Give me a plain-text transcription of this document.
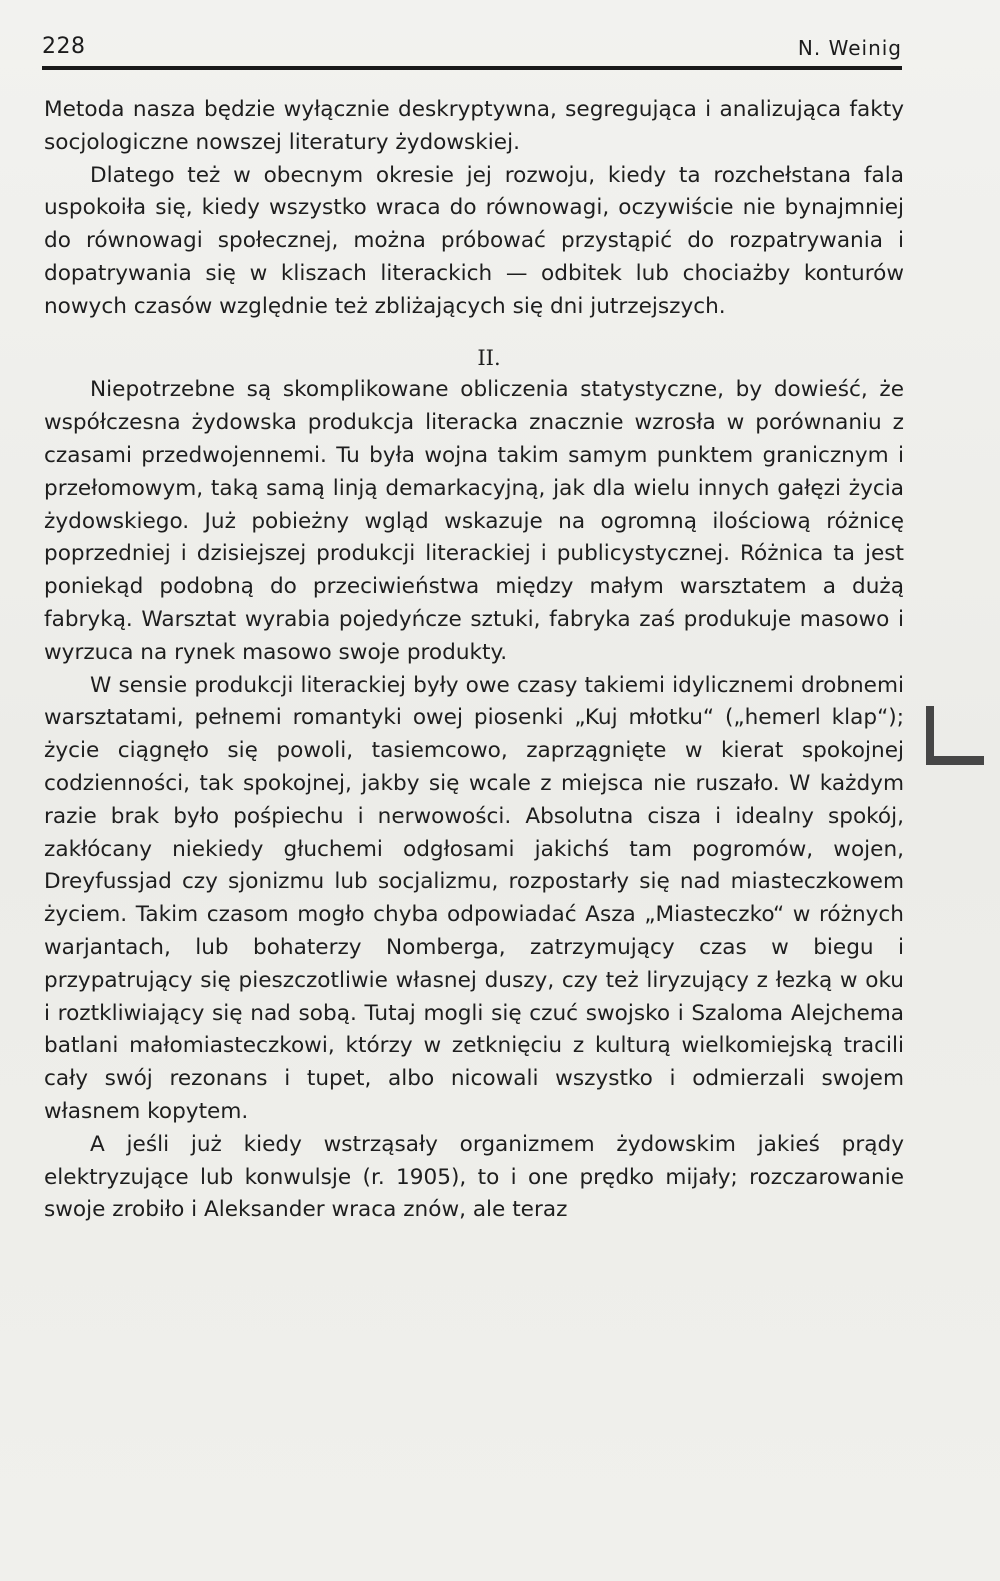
228	N. Weinig

Metoda nasza będzie wyłącznie deskryptywna, segregująca i analizująca fakty socjologiczne nowszej literatury żydowskiej.

Dlatego też w obecnym okresie jej rozwoju, kiedy ta rozchełstana fala uspokoiła się, kiedy wszystko wraca do równowagi, oczywiście nie bynajmniej do równowagi społecznej, można próbować przystąpić do rozpatrywania i dopatrywania się w kliszach literackich — odbitek lub chociażby konturów nowych czasów względnie też zbliżających się dni jutrzejszych.

II.

Niepotrzebne są skomplikowane obliczenia statystyczne, by dowieść, że współczesna żydowska produkcja literacka znacznie wzrosła w porównaniu z czasami przedwojennemi. Tu była wojna takim samym punktem granicznym i przełomowym, taką samą linją demarkacyjną, jak dla wielu innych gałęzi życia żydowskiego. Już pobieżny wgląd wskazuje na ogromną ilościową różnicę poprzedniej i dzisiejszej produkcji literackiej i publicystycznej. Różnica ta jest poniekąd podobną do przeciwieństwa między małym warsztatem a dużą fabryką. Warsztat wyrabia pojedyńcze sztuki, fabryka zaś produkuje masowo i wyrzuca na rynek masowo swoje produkty.

W sensie produkcji literackiej były owe czasy takiemi idylicznemi drobnemi warsztatami, pełnemi romantyki owej piosenki „Kuj młotku“ („hemerl klap“); życie ciągnęło się powoli, tasiemcowo, zaprzągnięte w kierat spokojnej codzienności, tak spokojnej, jakby się wcale z miejsca nie ruszało. W każdym razie brak było pośpiechu i nerwowości. Absolutna cisza i idealny spokój, zakłócany niekiedy głuchemi odgłosami jakichś tam pogromów, wojen, Dreyfussjad czy sjonizmu lub socjalizmu, rozpostarły się nad miasteczkowem życiem. Takim czasom mogło chyba odpowiadać Asza „Miasteczko“ w różnych warjantach, lub bohaterzy Nomberga, zatrzymujący czas w biegu i przypatrujący się pieszczotliwie własnej duszy, czy też liryzujący z łezką w oku i roztkliwiający się nad sobą. Tutaj mogli się czuć swojsko i Szaloma Alejchema batlani małomiasteczkowi, którzy w zetknięciu z kulturą wielkomiejską tracili cały swój rezonans i tupet, albo nicowali wszystko i odmierzali swojem własnem kopytem.

A jeśli już kiedy wstrząsały organizmem żydowskim jakieś prądy elektryzujące lub konwulsje (r. 1905), to i one prędko mijały; rozczarowanie swoje zrobiło i Aleksander wraca znów, ale teraz
